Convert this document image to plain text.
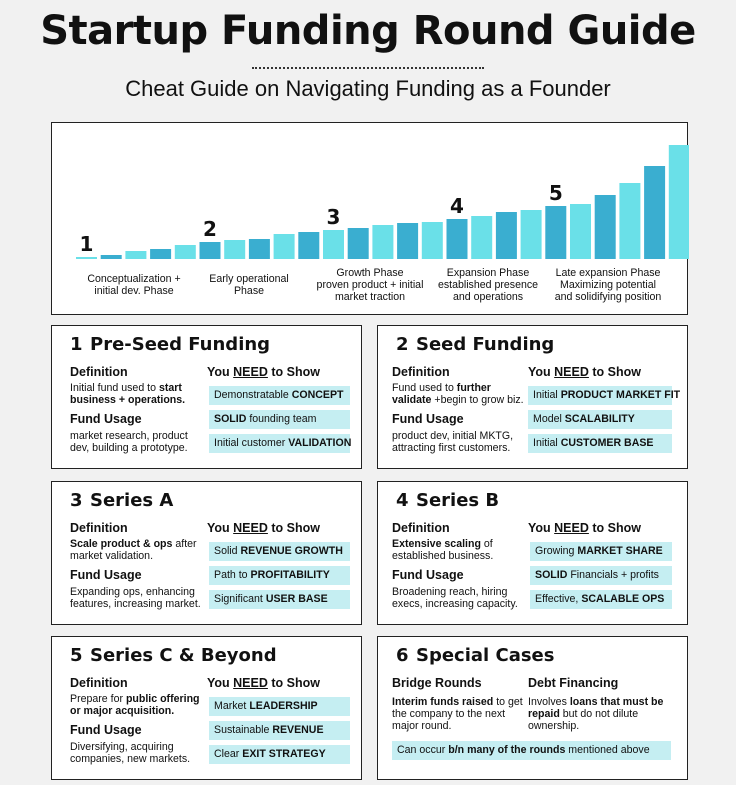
Startup Funding Round Guide
Cheat Guide on Navigating Funding as a Founder
1
2	3	4
5
Conceptualization +
initial dev. Phase
Early operational
Phase
Growth Phase
proven product + initial
market traction
Expansion Phase
established presence
and operations
Late expansion Phase
Maximizing potential
and solidifying position
1 Pre-Seed Funding
Definition
Initial fund used to start
business + operations.
Fund Usage
market research, product
dev, building a prototype.
You NEED to Show
Demonstratable CONCEPT
SOLID founding team
Initial customer VALIDATION
2 Seed Funding
Definition
Fund used to further
validate +begin to grow biz.
Fund Usage
product dev, initial MKTG,
attracting first customers.
You NEED to Show
Initial PRODUCT MARKET FIT
Model SCALABILITY
Initial CUSTOMER BASE
3 Series A
Definition
Scale product & ops after
market validation.
Fund Usage
Expanding ops, enhancing
features, increasing market.
You NEED to Show
Solid REVENUE GROWTH
Path to PROFITABILITY
Significant USER BASE
4 Series B
Definition
Extensive scaling of
established business.
Fund Usage
Broadening reach, hiring
execs, increasing capacity.
You NEED to Show
Growing MARKET SHARE
SOLID Financials + profits
Effective, SCALABLE OPS
5 Series C & Beyond
Definition
Prepare for public offering
or major acquisition.
Fund Usage
Diversifying, acquiring
companies, new markets.
You NEED to Show
Market LEADERSHIP
Sustainable REVENUE
Clear EXIT STRATEGY
6 Special Cases
Bridge Rounds
Interim funds raised to get
the company to the next
major round.
Debt Financing
Involves loans that must be
repaid but do not dilute
ownership.
Can occur b/n many of the rounds mentioned above
